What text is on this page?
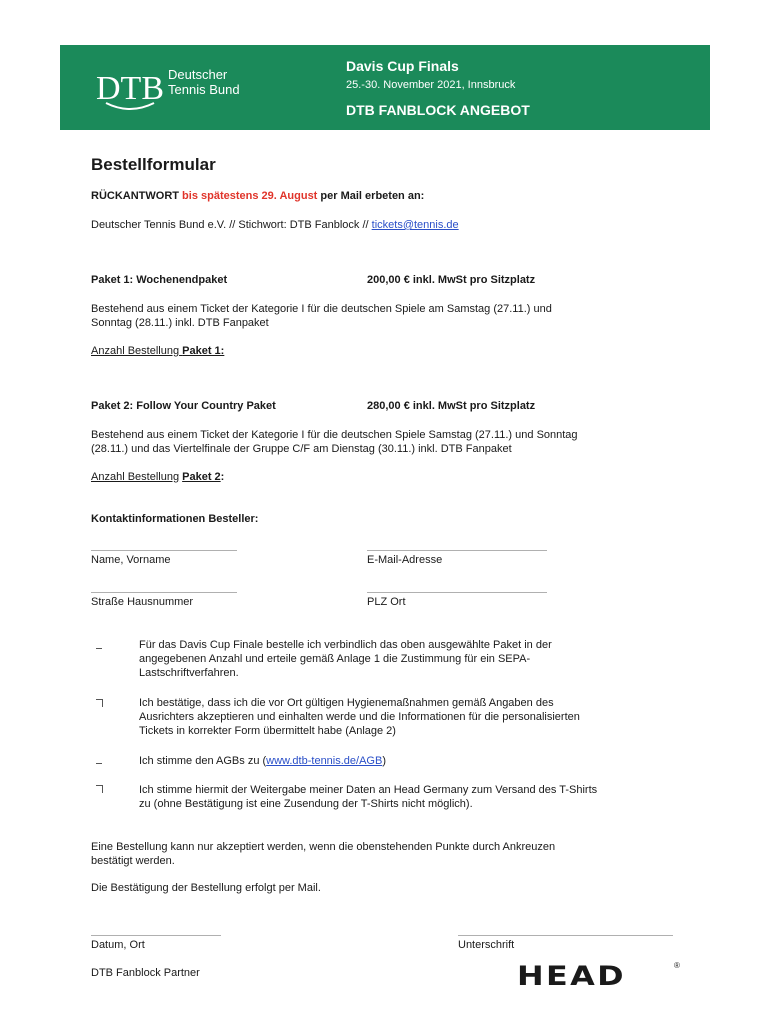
DTB Deutscher
Tennis Bund
Davis Cup Finals
25.-30. November 2021, Innsbruck
DTB FANBLOCK ANGEBOT
Bestellformular
RÜCKANTWORT bis spätestens 29. August per Mail erbeten an:
Deutscher Tennis Bund e.V. // Stichwort: DTB Fanblock // tickets@tennis.de
Paket 1: Wochenendpaket	200,00 € inkl. MwSt pro Sitzplatz
Bestehend aus einem Ticket der Kategorie I für die deutschen Spiele am Samstag (27.11.) und
Sonntag (28.11.) inkl. DTB Fanpaket
Anzahl Bestellung Paket 1:
Paket 2: Follow Your Country Paket	280,00 € inkl. MwSt pro Sitzplatz
Bestehend aus einem Ticket der Kategorie I für die deutschen Spiele Samstag (27.11.) und Sonntag
(28.11.) und das Viertelfinale der Gruppe C/F am Dienstag (30.11.) inkl. DTB Fanpaket
Anzahl Bestellung Paket 2:
Kontaktinformationen Besteller:
Name, Vorname	E-Mail-Adresse
Straße Hausnummer	PLZ Ort
Für das Davis Cup Finale bestelle ich verbindlich das oben ausgewählte Paket in der
angegebenen Anzahl und erteile gemäß Anlage 1 die Zustimmung für ein SEPA-
Lastschriftverfahren.
Ich bestätige, dass ich die vor Ort gültigen Hygienemaßnahmen gemäß Angaben des
Ausrichters akzeptieren und einhalten werde und die Informationen für die personalisierten
Tickets in korrekter Form übermittelt habe (Anlage 2)
Ich stimme den AGBs zu (www.dtb-tennis.de/AGB)
Ich stimme hiermit der Weitergabe meiner Daten an Head Germany zum Versand des T-Shirts
zu (ohne Bestätigung ist eine Zusendung der T-Shirts nicht möglich).
Eine Bestellung kann nur akzeptiert werden, wenn die obenstehenden Punkte durch Ankreuzen
bestätigt werden.
Die Bestätigung der Bestellung erfolgt per Mail.
Datum, Ort	Unterschrift
DTB Fanblock Partner	HEAD	®
